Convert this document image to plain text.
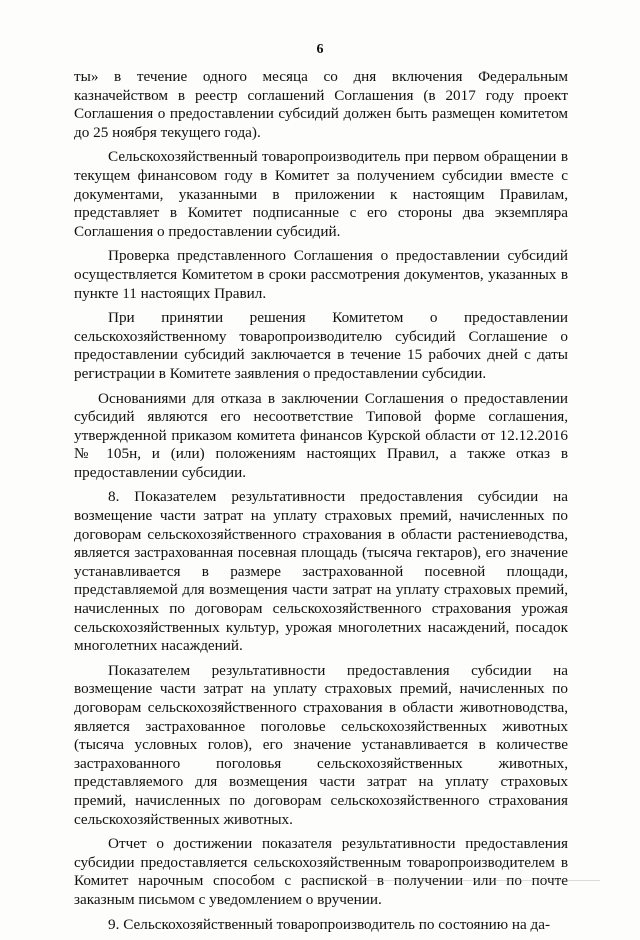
6

ты» в течение одного месяца со дня включения Федеральным казначейством в реестр соглашений Соглашения (в 2017 году проект Соглашения о предоставлении субсидий должен быть размещен комитетом до 25 ноября текущего года).

Сельскохозяйственный товаропроизводитель при первом обращении в текущем финансовом году в Комитет за получением субсидии вместе с документами, указанными в приложении к настоящим Правилам, представляет в Комитет подписанные с его стороны два экземпляра Соглашения о предоставлении субсидий.

Проверка представленного Соглашения о предоставлении субсидий осуществляется Комитетом в сроки рассмотрения документов, указанных в пункте 11 настоящих Правил.

При принятии решения Комитетом о предоставлении сельскохозяйственному товаропроизводителю субсидий Соглашение о предоставлении субсидий заключается в течение 15 рабочих дней с даты регистрации в Комитете заявления о предоставлении субсидии.

Основаниями для отказа в заключении Соглашения о предоставлении субсидий являются его несоответствие Типовой форме соглашения, утвержденной приказом комитета финансов Курской области от 12.12.2016 № 105н, и (или) положениям настоящих Правил, а также отказ в предоставлении субсидии.

8. Показателем результативности предоставления субсидии на возмещение части затрат на уплату страховых премий, начисленных по договорам сельскохозяйственного страхования в области растениеводства, является застрахованная посевная площадь (тысяча гектаров), его значение устанавливается в размере застрахованной посевной площади, представляемой для возмещения части затрат на уплату страховых премий, начисленных по договорам сельскохозяйственного страхования урожая сельскохозяйственных культур, урожая многолетних насаждений, посадок многолетних насаждений.

Показателем результативности предоставления субсидии на возмещение части затрат на уплату страховых премий, начисленных по договорам сельскохозяйственного страхования в области животноводства, является застрахованное поголовье сельскохозяйственных животных (тысяча условных голов), его значение устанавливается в количестве застрахованного поголовья сельскохозяйственных животных, представляемого для возмещения части затрат на уплату страховых премий, начисленных по договорам сельскохозяйственного страхования сельскохозяйственных животных.

Отчет о достижении показателя результативности предоставления субсидии предоставляется сельскохозяйственным товаропроизводителем в Комитет нарочным способом с распиской в получении или по почте заказным письмом с уведомлением о вручении.

9. Сельскохозяйственный товаропроизводитель по состоянию на да-
